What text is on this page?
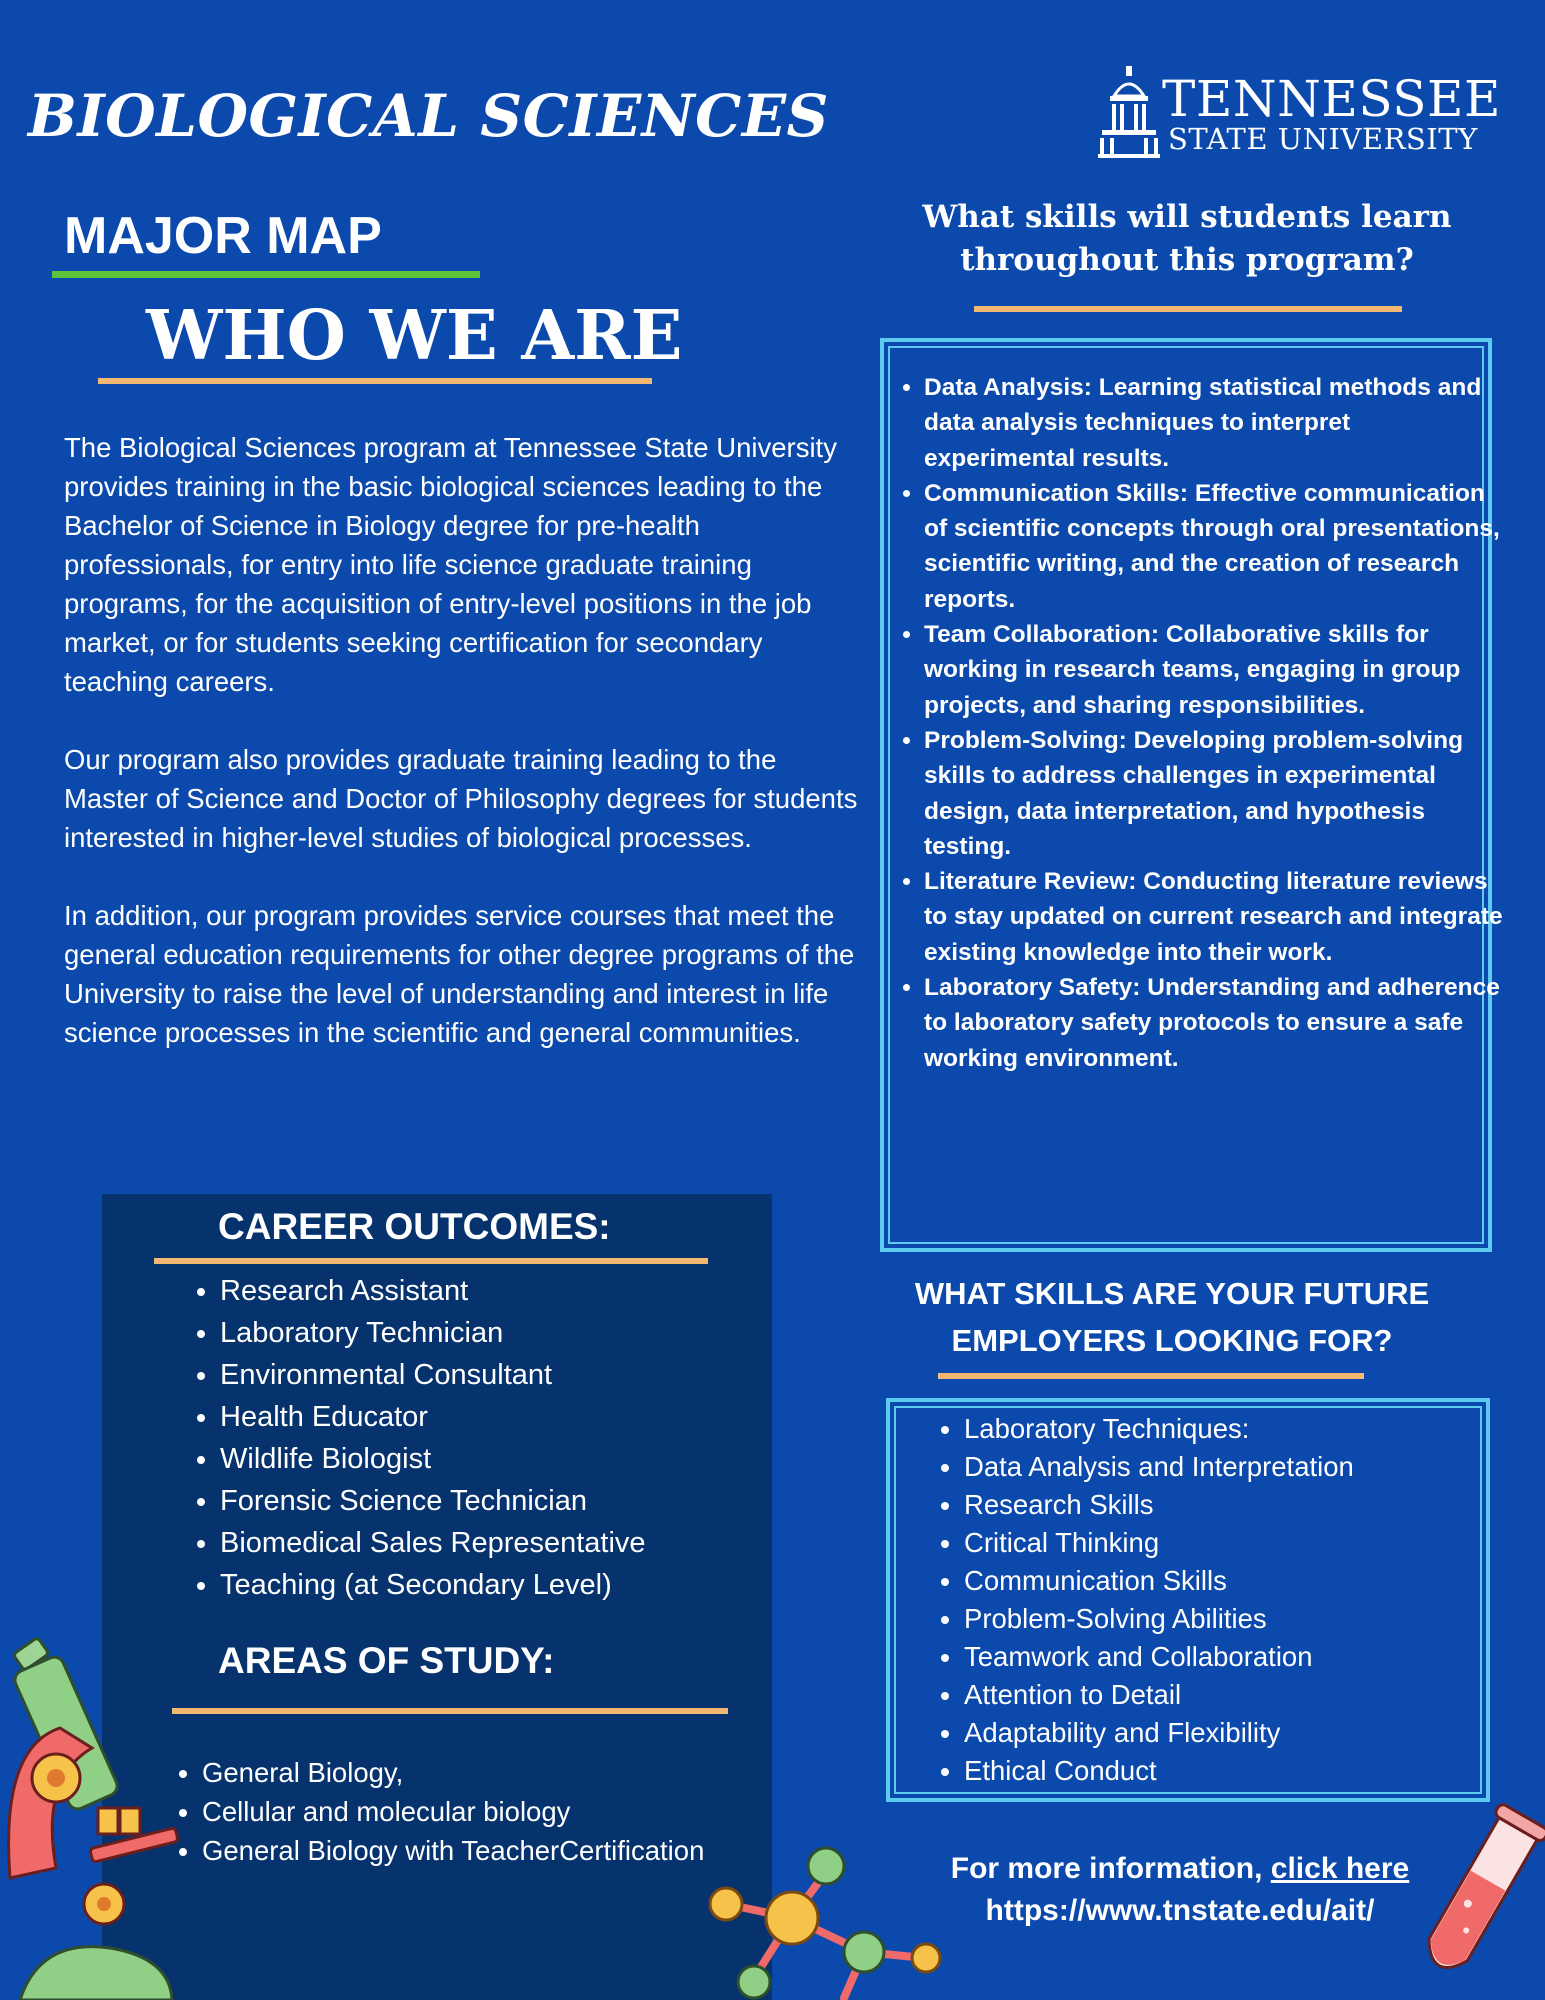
BIOLOGICAL SCIENCES	TENNESSEE
STATE UNIVERSITY
MAJOR MAP
WHO WE ARE

The Biological Sciences program at Tennessee State University provides training in the basic biological sciences leading to the Bachelor of Science in Biology degree for pre-health professionals, for entry into life science graduate training programs, for the acquisition of entry-level positions in the job market, or for students seeking certification for secondary teaching careers.

Our program also provides graduate training leading to the Master of Science and Doctor of Philosophy degrees for students interested in higher-level studies of biological processes.

In addition, our program provides service courses that meet the general education requirements for other degree programs of the University to raise the level of understanding and interest in life science processes in the scientific and general communities.

CAREER OUTCOMES:
• Research Assistant
• Laboratory Technician
• Environmental Consultant
• Health Educator
• Wildlife Biologist
• Forensic Science Technician
• Biomedical Sales Representative
• Teaching (at Secondary Level)
AREAS OF STUDY:
• General Biology,
• Cellular and molecular biology
• General Biology with TeacherCertification
What skills will students learn throughout this program?
• Data Analysis: Learning statistical methods and data analysis techniques to interpret experimental results.
• Communication Skills: Effective communication of scientific concepts through oral presentations, scientific writing, and the creation of research reports.
• Team Collaboration: Collaborative skills for working in research teams, engaging in group projects, and sharing responsibilities.
• Problem-Solving: Developing problem-solving skills to address challenges in experimental design, data interpretation, and hypothesis testing.
• Literature Review: Conducting literature reviews to stay updated on current research and integrate existing knowledge into their work.
• Laboratory Safety: Understanding and adherence to laboratory safety protocols to ensure a safe working environment.
WHAT SKILLS ARE YOUR FUTURE EMPLOYERS LOOKING FOR?
• Laboratory Techniques:
• Data Analysis and Interpretation
• Research Skills
• Critical Thinking
• Communication Skills
• Problem-Solving Abilities
• Teamwork and Collaboration
• Attention to Detail
• Adaptability and Flexibility
• Ethical Conduct
For more information, click here
https://www.tnstate.edu/ait/
